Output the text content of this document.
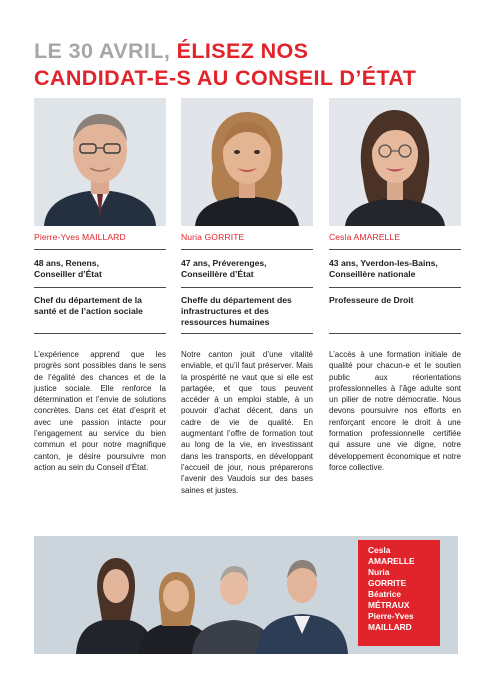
LE 30 AVRIL, ÉLISEZ NOS
CANDIDAT-E-S AU CONSEIL D’ÉTAT
Pierre-Yves MAILLARD
48 ans, Renens,
Conseiller d’État
Chef du département de la santé et de l’action sociale
L’expérience apprend que les progrès sont possibles dans le sens de l’égalité des chances et de la justice sociale. Elle renforce la détermination et l’envie de solutions concrètes. Dans cet état d’esprit et avec une passion intacte pour l’engagement au service du bien commun et pour notre magnifique canton, je désire poursuivre mon action au sein du Conseil d’État.
Nuria GORRITE
47 ans, Préverenges,
Conseillère d’État
Cheffe du département des infrastructures et des ressources humaines
Notre canton jouit d’une vitalité enviable, et qu’il faut préserver. Mais la prospérité ne vaut que si elle est partagée, et que tous peuvent accéder à un emploi stable, à un pouvoir d’achat décent, dans un cadre de vie de qualité. En augmentant l’offre de formation tout au long de la vie, en investissant dans les transports, en développant l’accueil de jour, nous préparerons l’avenir des Vaudois sur des bases saines et justes.
Cesla AMARELLE
43 ans, Yverdon-les-Bains,
Conseillère nationale
Professeure de Droit
L’accès à une formation initiale de qualité pour chacun-e et le soutien public aux réorientations professionnelles à l’âge adulte sont un pilier de notre démocratie. Nous devons poursuivre nos efforts en renforçant encore le droit à une formation professionnelle certifiée qui assure une vie digne, notre développement économique et notre force collective.
Cesla
AMARELLE
Nuria
GORRITE
Béatrice
MÉTRAUX
Pierre-Yves
MAILLARD
